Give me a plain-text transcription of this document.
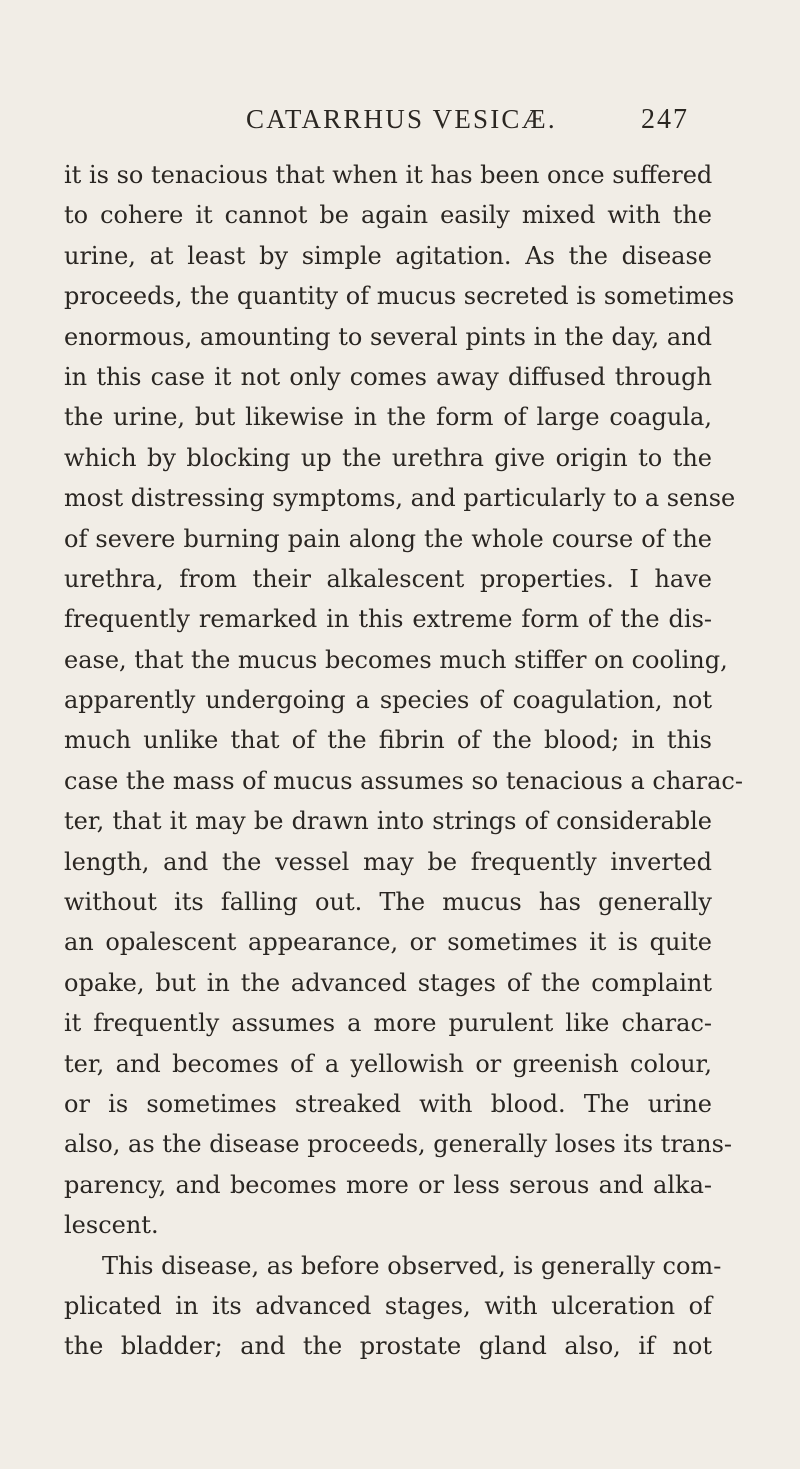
CATARRHUS VESICÆ.	247
it is so tenacious that when it has been once suffered
to cohere it cannot be again easily mixed with the
urine, at least by simple agitation. As the disease
proceeds, the quantity of mucus secreted is sometimes
enormous, amounting to several pints in the day, and
in this case it not only comes away diffused through
the urine, but likewise in the form of large coagula,
which by blocking up the urethra give origin to the
most distressing symptoms, and particularly to a sense
of severe burning pain along the whole course of the
urethra, from their alkalescent properties. I have
frequently remarked in this extreme form of the dis-
ease, that the mucus becomes much stiffer on cooling,
apparently undergoing a species of coagulation, not
much unlike that of the fibrin of the blood; in this
case the mass of mucus assumes so tenacious a charac-
ter, that it may be drawn into strings of considerable
length, and the vessel may be frequently inverted
without its falling out. The mucus has generally
an opalescent appearance, or sometimes it is quite
opake, but in the advanced stages of the complaint
it frequently assumes a more purulent like charac-
ter, and becomes of a yellowish or greenish colour,
or is sometimes streaked with blood. The urine
also, as the disease proceeds, generally loses its trans-
parency, and becomes more or less serous and alka-
lescent.
This disease, as before observed, is generally com-
plicated in its advanced stages, with ulceration of
the bladder; and the prostate gland also, if not
